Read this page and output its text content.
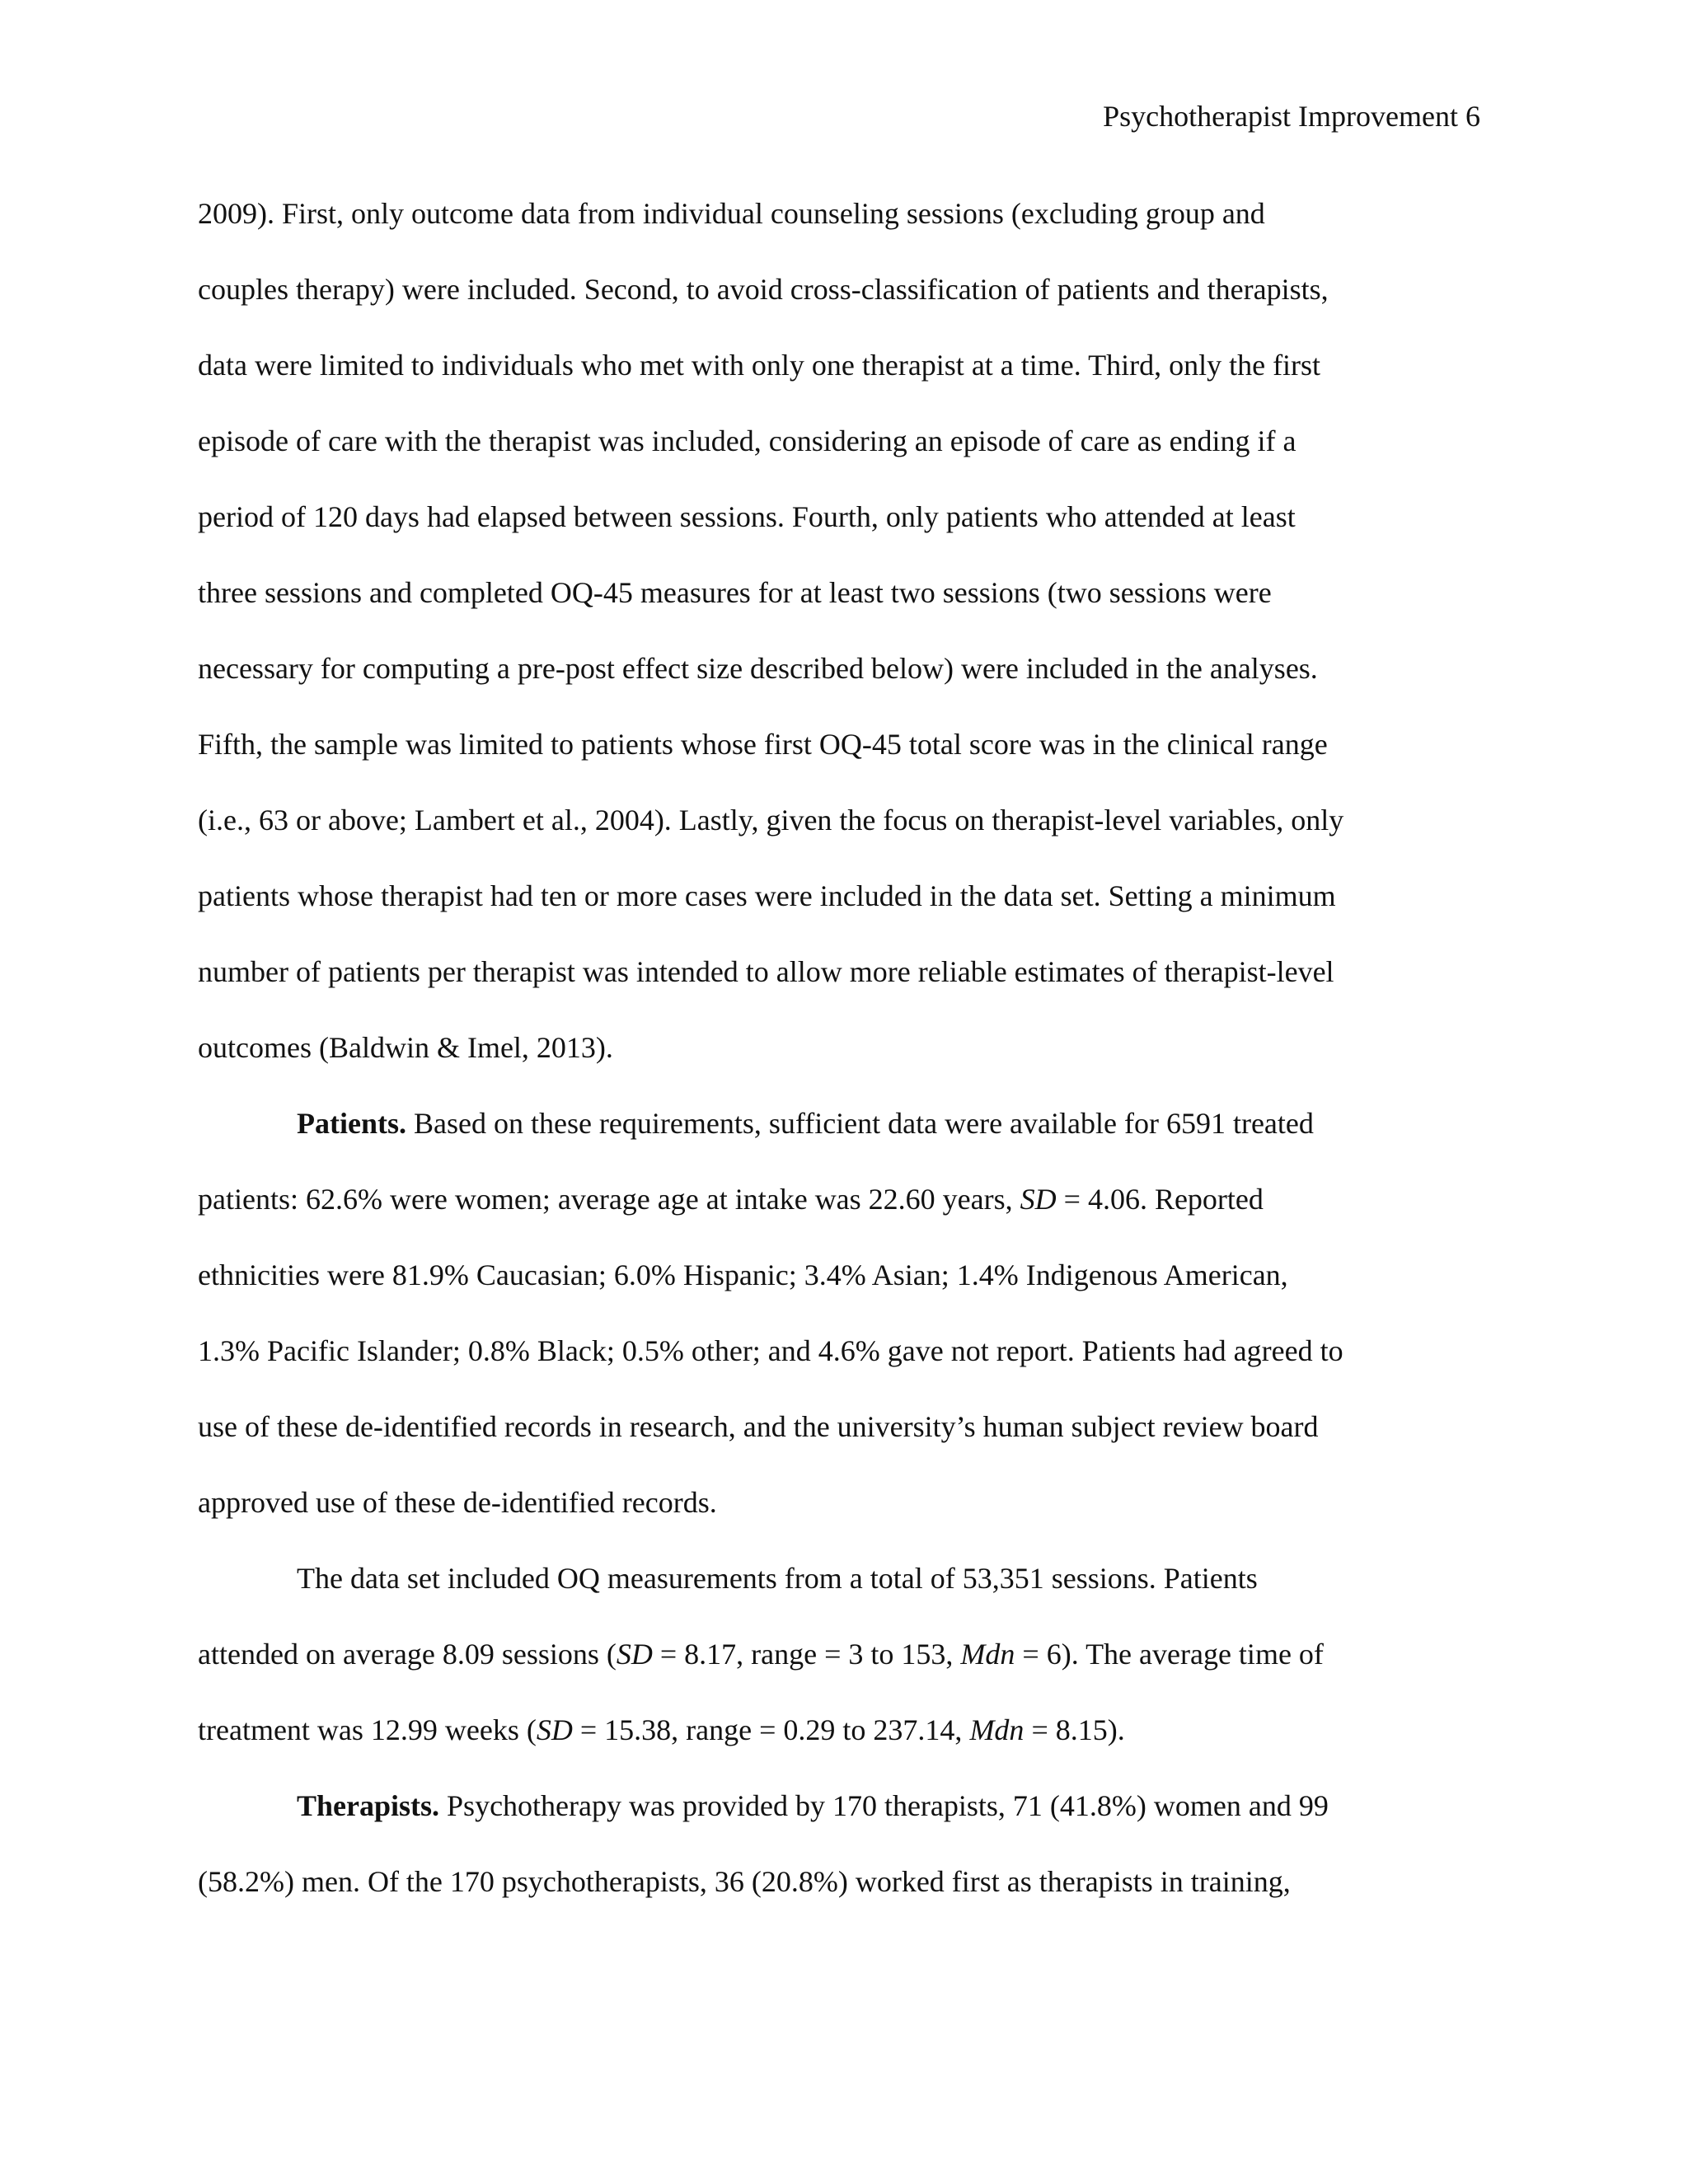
Psychotherapist Improvement 6
2009). First, only outcome data from individual counseling sessions (excluding group and
couples therapy) were included. Second, to avoid cross-classification of patients and therapists,
data were limited to individuals who met with only one therapist at a time. Third, only the first
episode of care with the therapist was included, considering an episode of care as ending if a
period of 120 days had elapsed between sessions. Fourth, only patients who attended at least
three sessions and completed OQ-45 measures for at least two sessions (two sessions were
necessary for computing a pre-post effect size described below) were included in the analyses.
Fifth, the sample was limited to patients whose first OQ-45 total score was in the clinical range
(i.e., 63 or above; Lambert et al., 2004). Lastly, given the focus on therapist-level variables, only
patients whose therapist had ten or more cases were included in the data set. Setting a minimum
number of patients per therapist was intended to allow more reliable estimates of therapist-level
outcomes (Baldwin & Imel, 2013).
Patients. Based on these requirements, sufficient data were available for 6591 treated
patients: 62.6% were women; average age at intake was 22.60 years, SD = 4.06. Reported
ethnicities were 81.9% Caucasian; 6.0% Hispanic; 3.4% Asian; 1.4% Indigenous American,
1.3% Pacific Islander; 0.8% Black; 0.5% other; and 4.6% gave not report. Patients had agreed to
use of these de-identified records in research, and the university’s human subject review board
approved use of these de-identified records.
The data set included OQ measurements from a total of 53,351 sessions. Patients
attended on average 8.09 sessions (SD = 8.17, range = 3 to 153, Mdn = 6). The average time of
treatment was 12.99 weeks (SD = 15.38, range = 0.29 to 237.14, Mdn = 8.15).
Therapists. Psychotherapy was provided by 170 therapists, 71 (41.8%) women and 99
(58.2%) men. Of the 170 psychotherapists, 36 (20.8%) worked first as therapists in training,
